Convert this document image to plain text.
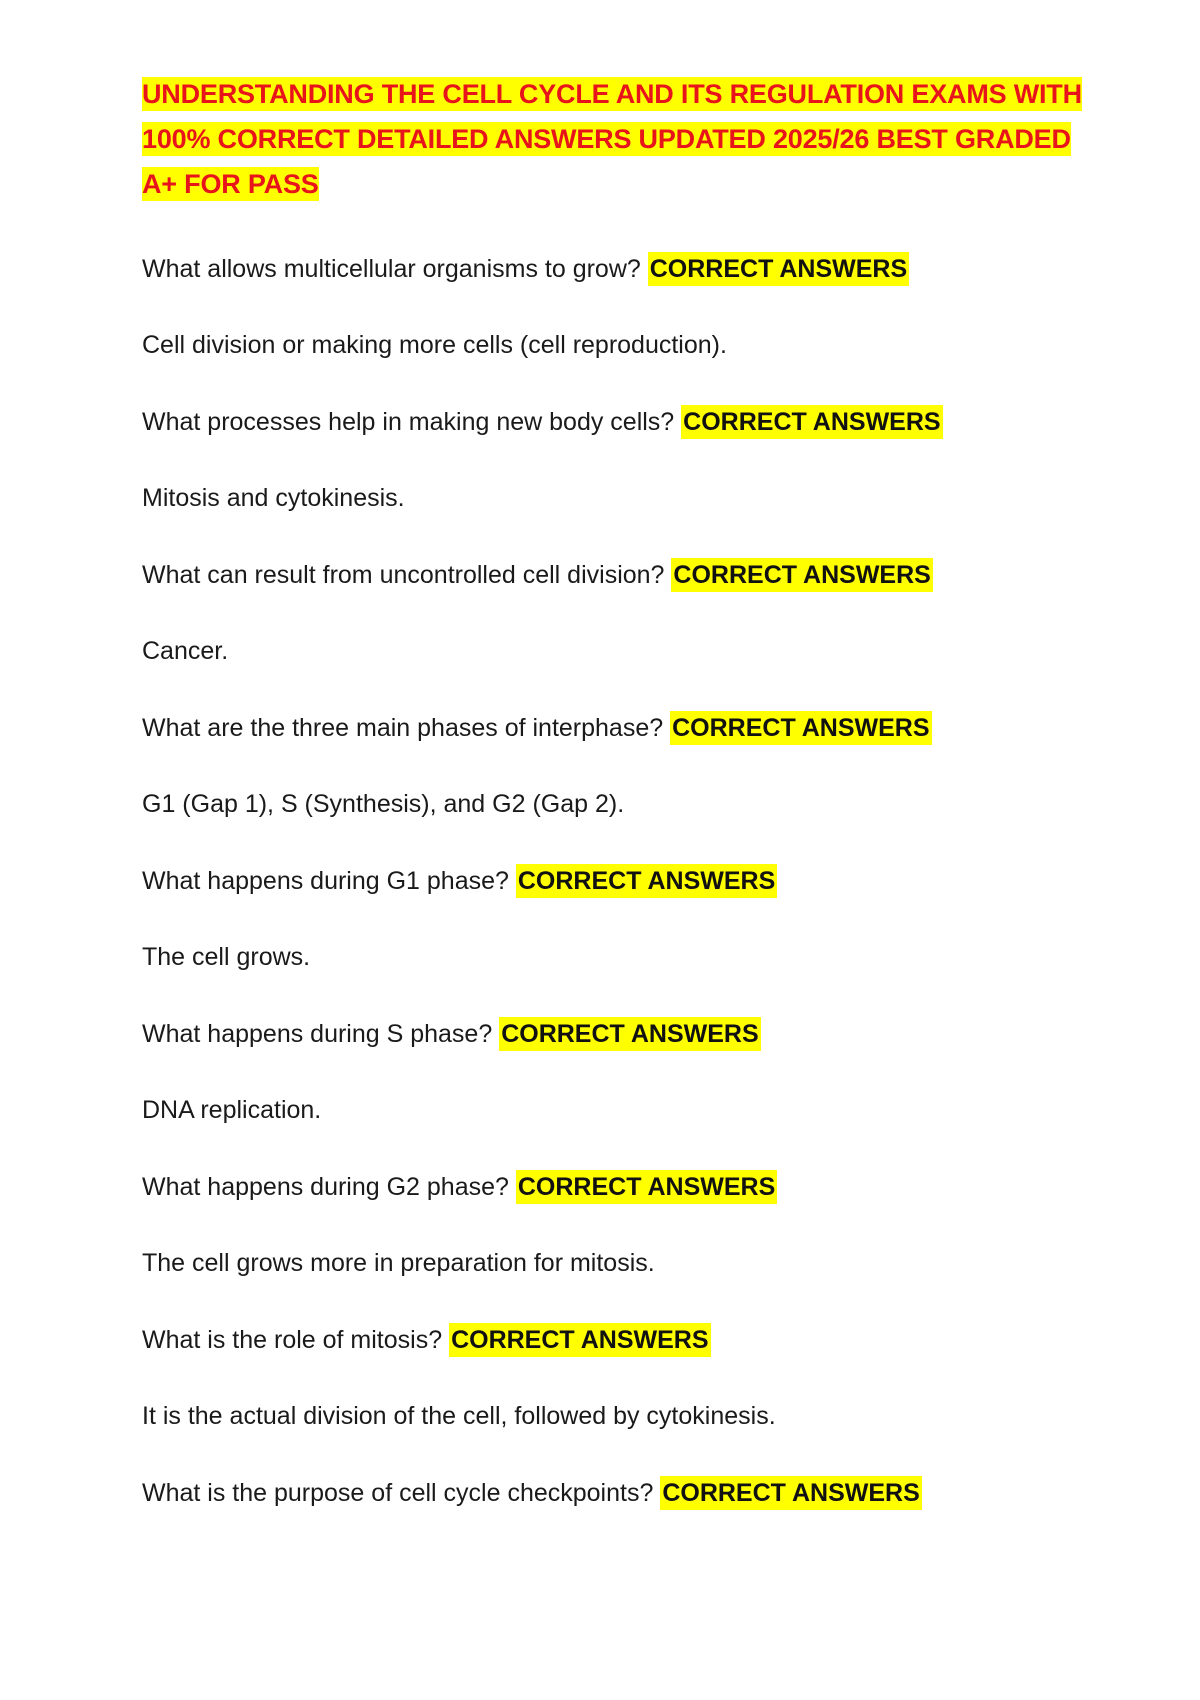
UNDERSTANDING THE CELL CYCLE AND ITS REGULATION EXAMS WITH 100% CORRECT DETAILED ANSWERS UPDATED 2025/26 BEST GRADED A+ FOR PASS

What allows multicellular organisms to grow? CORRECT ANSWERS

Cell division or making more cells (cell reproduction).

What processes help in making new body cells? CORRECT ANSWERS

Mitosis and cytokinesis.

What can result from uncontrolled cell division? CORRECT ANSWERS

Cancer.

What are the three main phases of interphase? CORRECT ANSWERS

G1 (Gap 1), S (Synthesis), and G2 (Gap 2).

What happens during G1 phase? CORRECT ANSWERS

The cell grows.

What happens during S phase? CORRECT ANSWERS

DNA replication.

What happens during G2 phase? CORRECT ANSWERS

The cell grows more in preparation for mitosis.

What is the role of mitosis? CORRECT ANSWERS

It is the actual division of the cell, followed by cytokinesis.

What is the purpose of cell cycle checkpoints? CORRECT ANSWERS
